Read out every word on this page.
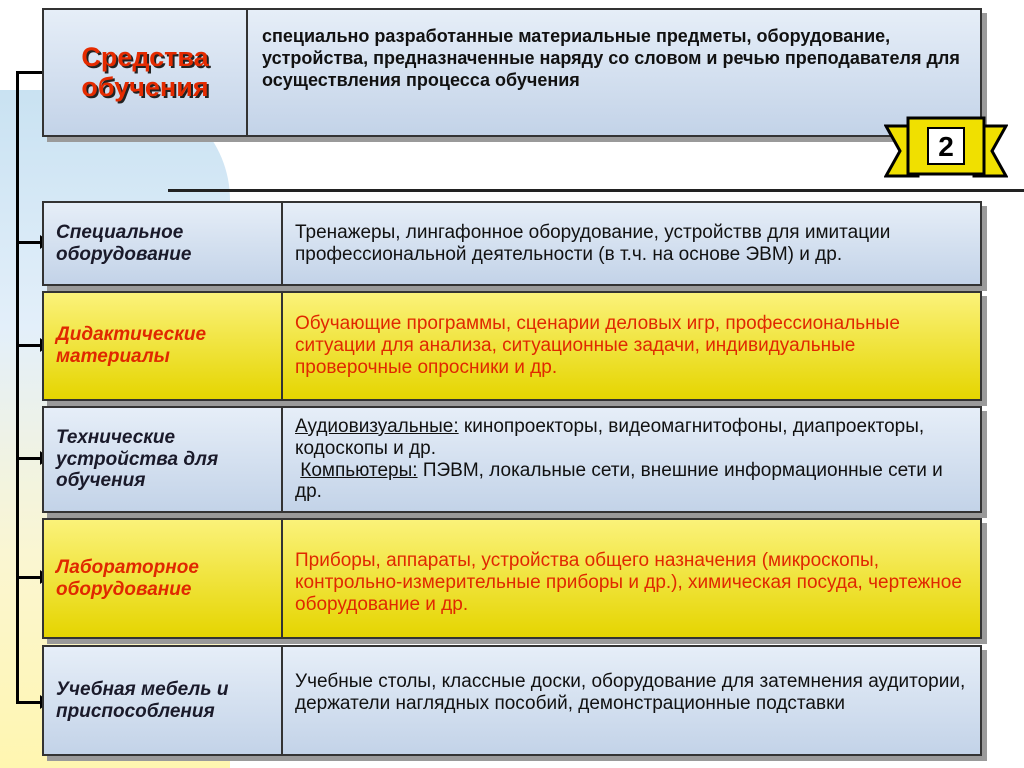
Средства обучения
специально разработанные материальные предметы, оборудование, устройства, предназначенные наряду со словом и речью преподавателя для осуществления процесса обучения
2
Специальное оборудование
Тренажеры, лингафонное оборудование, устройствв для имитации профессиональной деятельности (в т.ч. на основе ЭВМ) и др.
Дидактические материалы
Обучающие программы, сценарии деловых игр, профессиональные ситуации для анализа, ситуационные задачи, индивидуальные проверочные опросники и др.
Технические устройства для обучения
Аудиовизуальные: кинопроекторы, видеомагнитофоны, диапроекторы, кодоскопы и др.
Компьютеры: ПЭВМ, локальные сети, внешние информационные сети и др.
Лабораторное оборудование
Приборы, аппараты, устройства общего назначения (микроскопы, контрольно-измерительные приборы и др.), химическая посуда, чертежное оборудование и др.
Учебная мебель и приспособления
Учебные столы, классные доски, оборудование для затемнения аудитории, держатели наглядных пособий, демонстрационные подставки
